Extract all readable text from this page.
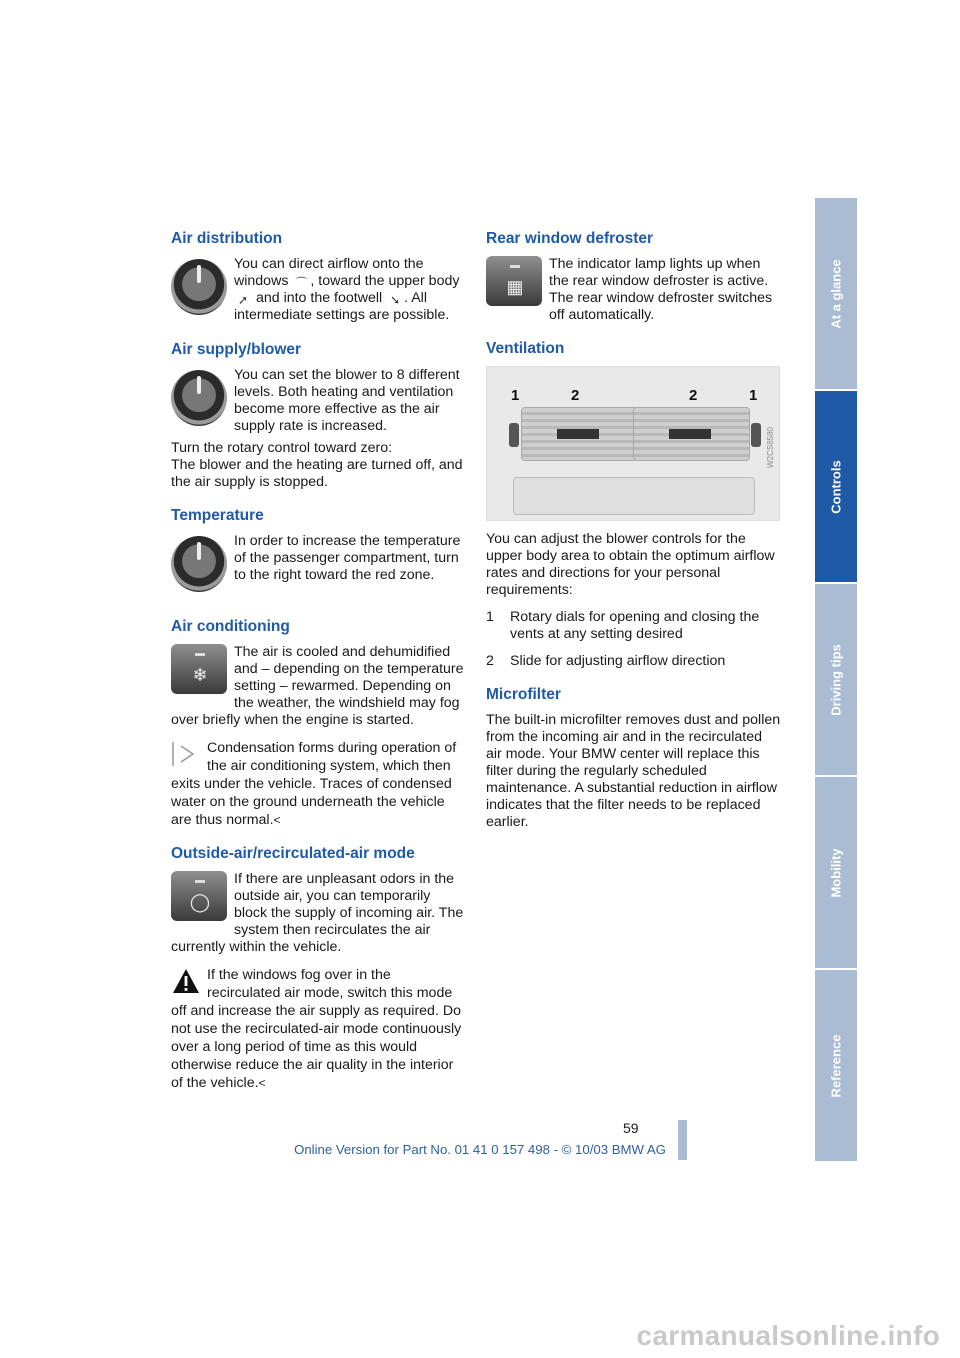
Air distribution

You can direct airflow onto the windows ⌒ , toward the upper body ➚ and into the footwell ➘ . All intermediate settings are possible.

Air supply/blower

You can set the blower to 8 different levels. Both heating and ventilation become more effective as the air supply rate is increased.

Turn the rotary control toward zero:
The blower and the heating are turned off, and the air supply is stopped.

Temperature

In order to increase the temperature of the passenger compartment, turn to the right toward the red zone.

Air conditioning
❄

The air is cooled and dehumidified and – depending on the temperature setting – rewarmed. Depending on the weather, the windshield may fog over briefly when the engine is started.

Condensation forms during operation of the air conditioning system, which then exits under the vehicle. Traces of condensed water on the ground underneath the vehicle are thus normal.<

Outside-air/recirculated-air mode
◯

If there are unpleasant odors in the outside air, you can temporarily block the supply of incoming air. The system then recirculates the air currently within the vehicle.

If the windows fog over in the recirculated air mode, switch this mode off and increase the air supply as required. Do not use the recirculated-air mode continuously over a long period of time as this would otherwise reduce the air quality in the interior of the vehicle.<

Rear window defroster
▦

The indicator lamp lights up when the rear window defroster is active. The rear window defroster switches off automatically.

Ventilation
1	2	2	1
W2CS8580

You can adjust the blower controls for the upper body area to obtain the optimum airflow rates and directions for your personal requirements:

1	Rotary dials for opening and closing the vents at any setting desired
2	Slide for adjusting airflow direction
Microfilter

The built-in microfilter removes dust and pollen from the incoming air and in the recirculated air mode. Your BMW center will replace this filter during the regularly scheduled maintenance. A substantial reduction in airflow indicates that the filter needs to be replaced earlier.

At a glance
Controls
Driving tips
Mobility
Reference
59
Online Version for Part No. 01 41 0 157 498 - © 10/03 BMW AG
carmanualsonline.info
